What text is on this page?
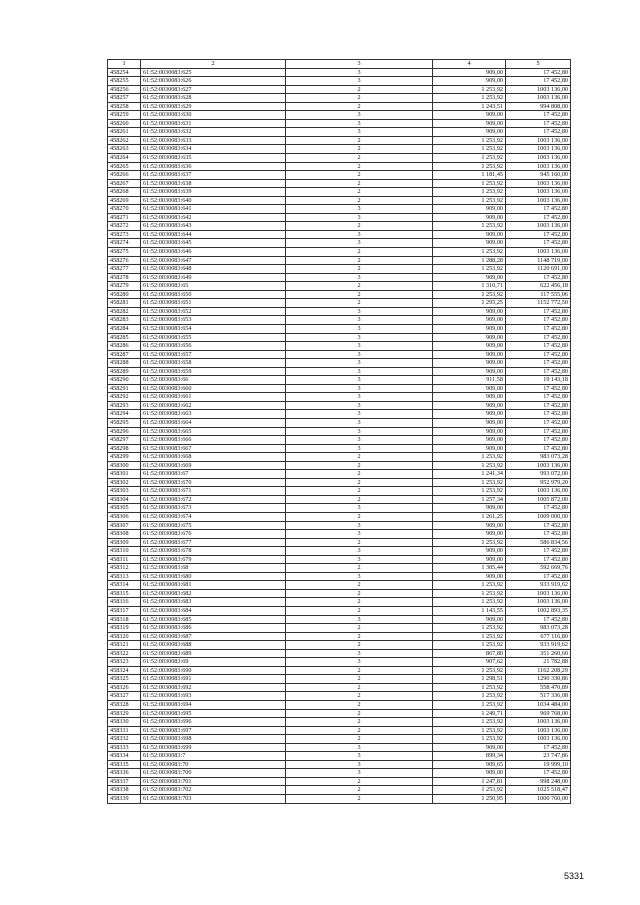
1	2	3	4	5
458254	61:52:0030083:625	3	909,00	17 452,80
458255	61:52:0030083:626	3	909,00	17 452,80
458256	61:52:0030083:627	2	1 253,92	1003 136,00
458257	61:52:0030083:628	2	1 253,92	1003 136,00
458258	61:52:0030083:629	2	1 243,51	994 808,00
458259	61:52:0030083:630	3	909,00	17 452,80
458260	61:52:0030083:631	3	909,00	17 452,80
458261	61:52:0030083:632	3	909,00	17 452,80
458262	61:52:0030083:633	2	1 253,92	1003 136,00
458263	61:52:0030083:634	2	1 253,92	1003 136,00
458264	61:52:0030083:635	2	1 253,92	1003 136,00
458265	61:52:0030083:636	2	1 253,92	1003 136,00
458266	61:52:0030083:637	2	1 181,45	945 160,00
458267	61:52:0030083:638	2	1 253,92	1003 136,00
458268	61:52:0030083:639	2	1 253,92	1003 136,00
458269	61:52:0030083:640	2	1 253,92	1003 136,00
458270	61:52:0030083:641	3	909,00	17 452,80
458271	61:52:0030083:642	3	909,00	17 452,80
458272	61:52:0030083:643	2	1 253,92	1003 136,00
458273	61:52:0030083:644	3	909,00	17 452,80
458274	61:52:0030083:645	3	909,00	17 452,80
458275	61:52:0030083:646	2	1 253,92	1003 136,00
458276	61:52:0030083:647	2	1 288,28	1148 719,00
458277	61:52:0030083:648	2	1 253,92	1120 691,00
458278	61:52:0030083:649	3	909,00	17 452,80
458279	61:52:0030083:65	2	1 310,71	622 456,18
458280	61:52:0030083:650	2	1 253,92	117 555,06
458281	61:52:0030083:651	2	1 295,25	1152 772,50
458282	61:52:0030083:652	3	909,00	17 452,80
458283	61:52:0030083:653	3	909,00	17 452,80
458284	61:52:0030083:654	3	909,00	17 452,80
458285	61:52:0030083:655	3	909,00	17 452,80
458286	61:52:0030083:656	3	909,00	17 452,80
458287	61:52:0030083:657	3	909,00	17 452,80
458288	61:52:0030083:658	3	909,00	17 452,80
458289	61:52:0030083:659	3	909,00	17 452,80
458290	61:52:0030083:66	3	911,58	19 143,18
458291	61:52:0030083:660	3	909,00	17 452,80
458292	61:52:0030083:661	3	909,00	17 452,80
458293	61:52:0030083:662	3	909,00	17 452,80
458294	61:52:0030083:663	3	909,00	17 452,80
458295	61:52:0030083:664	3	909,00	17 452,80
458296	61:52:0030083:665	3	909,00	17 452,80
458297	61:52:0030083:666	3	909,00	17 452,80
458298	61:52:0030083:667	3	909,00	17 452,80
458299	61:52:0030083:668	2	1 253,92	983 073,28
458300	61:52:0030083:669	2	1 253,92	1003 136,00
458301	61:52:0030083:67	2	1 241,34	993 072,00
458302	61:52:0030083:670	2	1 253,92	952 979,20
458303	61:52:0030083:671	2	1 253,92	1003 136,00
458304	61:52:0030083:672	2	1 257,34	1005 872,00
458305	61:52:0030083:673	3	909,00	17 452,80
458306	61:52:0030083:674	2	1 261,25	1009 000,00
458307	61:52:0030083:675	3	909,00	17 452,80
458308	61:52:0030083:676	3	909,00	17 452,80
458309	61:52:0030083:677	2	1 253,92	586 834,56
458310	61:52:0030083:678	3	909,00	17 452,80
458311	61:52:0030083:679	3	909,00	17 452,80
458312	61:52:0030083:68	2	1 305,44	592 669,76
458313	61:52:0030083:680	3	909,00	17 452,80
458314	61:52:0030083:681	2	1 253,92	933 919,62
458315	61:52:0030083:682	2	1 253,92	1003 136,00
458316	61:52:0030083:683	2	1 253,92	1003 136,00
458317	61:52:0030083:684	2	1 143,55	1002 893,35
458318	61:52:0030083:685	3	909,00	17 452,80
458319	61:52:0030083:686	2	1 253,92	983 073,28
458320	61:52:0030083:687	2	1 253,92	677 116,80
458321	61:52:0030083:688	2	1 253,92	933 919,62
458322	61:52:0030083:689	3	867,80	351 260,60
458323	61:52:0030083:69	3	907,62	21 782,88
458324	61:52:0030083:690	2	1 253,92	1162 208,29
458325	61:52:0030083:691	2	1 298,51	1290 330,86
458326	61:52:0030083:692	2	1 253,92	558 470,89
458327	61:52:0030083:693	2	1 253,92	517 336,08
458328	61:52:0030083:694	2	1 253,92	1034 484,00
458329	61:52:0030083:695	2	1 249,71	969 768,00
458330	61:52:0030083:696	2	1 253,92	1003 136,00
458331	61:52:0030083:697	2	1 253,92	1003 136,00
458332	61:52:0030083:698	2	1 253,92	1003 136,00
458333	61:52:0030083:699	3	909,00	17 452,80
458334	61:52:0030083:7	3	899,34	23 747,86
458335	61:52:0030083:70	3	909,65	19 999,10
458336	61:52:0030083:700	3	909,00	17 452,80
458337	61:52:0030083:701	2	1 247,81	998 248,00
458338	61:52:0030083:702	2	1 253,92	1025 518,47
458339	61:52:0030083:703	2	1 250,95	1000 760,00
5331
